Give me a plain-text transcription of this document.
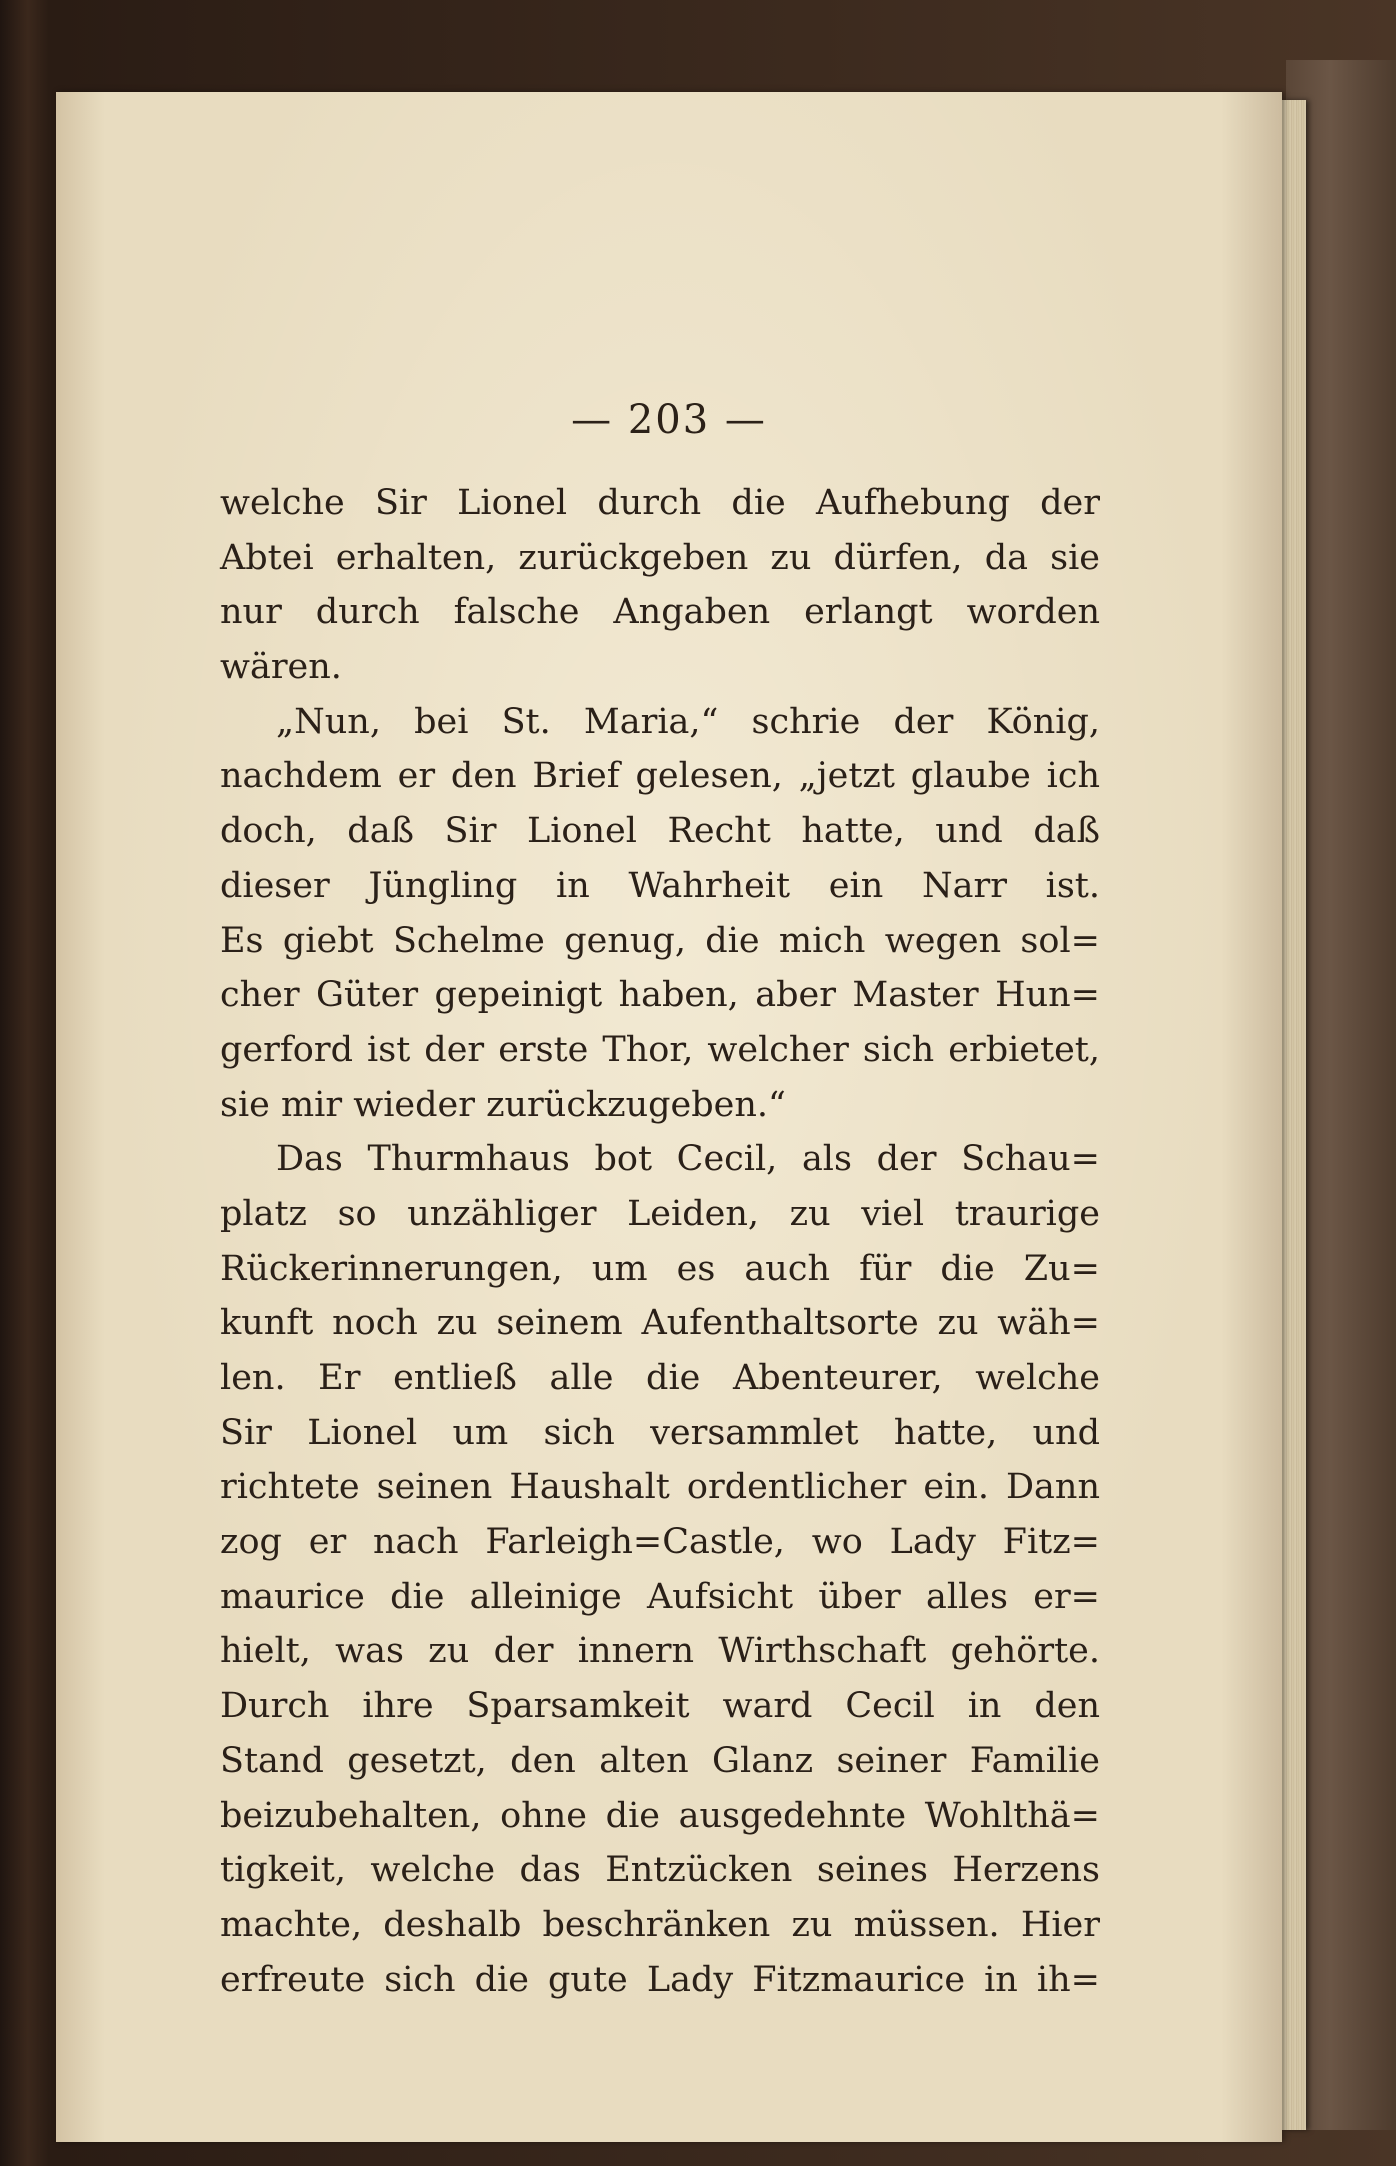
— 203 —
welche Sir Lionel durch die Aufhebung der
Abtei erhalten, zurückgeben zu dürfen, da sie
nur durch falsche Angaben erlangt worden
wären.
„Nun, bei St. Maria,“ schrie der König,
nachdem er den Brief gelesen, „jetzt glaube ich
doch, daß Sir Lionel Recht hatte, und daß
dieser Jüngling in Wahrheit ein Narr ist.
Es giebt Schelme genug, die mich wegen sol=
cher Güter gepeinigt haben, aber Master Hun=
gerford ist der erste Thor, welcher sich erbietet,
sie mir wieder zurückzugeben.“
Das Thurmhaus bot Cecil, als der Schau=
platz so unzähliger Leiden, zu viel traurige
Rückerinnerungen, um es auch für die Zu=
kunft noch zu seinem Aufenthaltsorte zu wäh=
len. Er entließ alle die Abenteurer, welche
Sir Lionel um sich versammlet hatte, und
richtete seinen Haushalt ordentlicher ein. Dann
zog er nach Farleigh=Castle, wo Lady Fitz=
maurice die alleinige Aufsicht über alles er=
hielt, was zu der innern Wirthschaft gehörte.
Durch ihre Sparsamkeit ward Cecil in den
Stand gesetzt, den alten Glanz seiner Familie
beizubehalten, ohne die ausgedehnte Wohlthä=
tigkeit, welche das Entzücken seines Herzens
machte, deshalb beschränken zu müssen. Hier
erfreute sich die gute Lady Fitzmaurice in ih=
